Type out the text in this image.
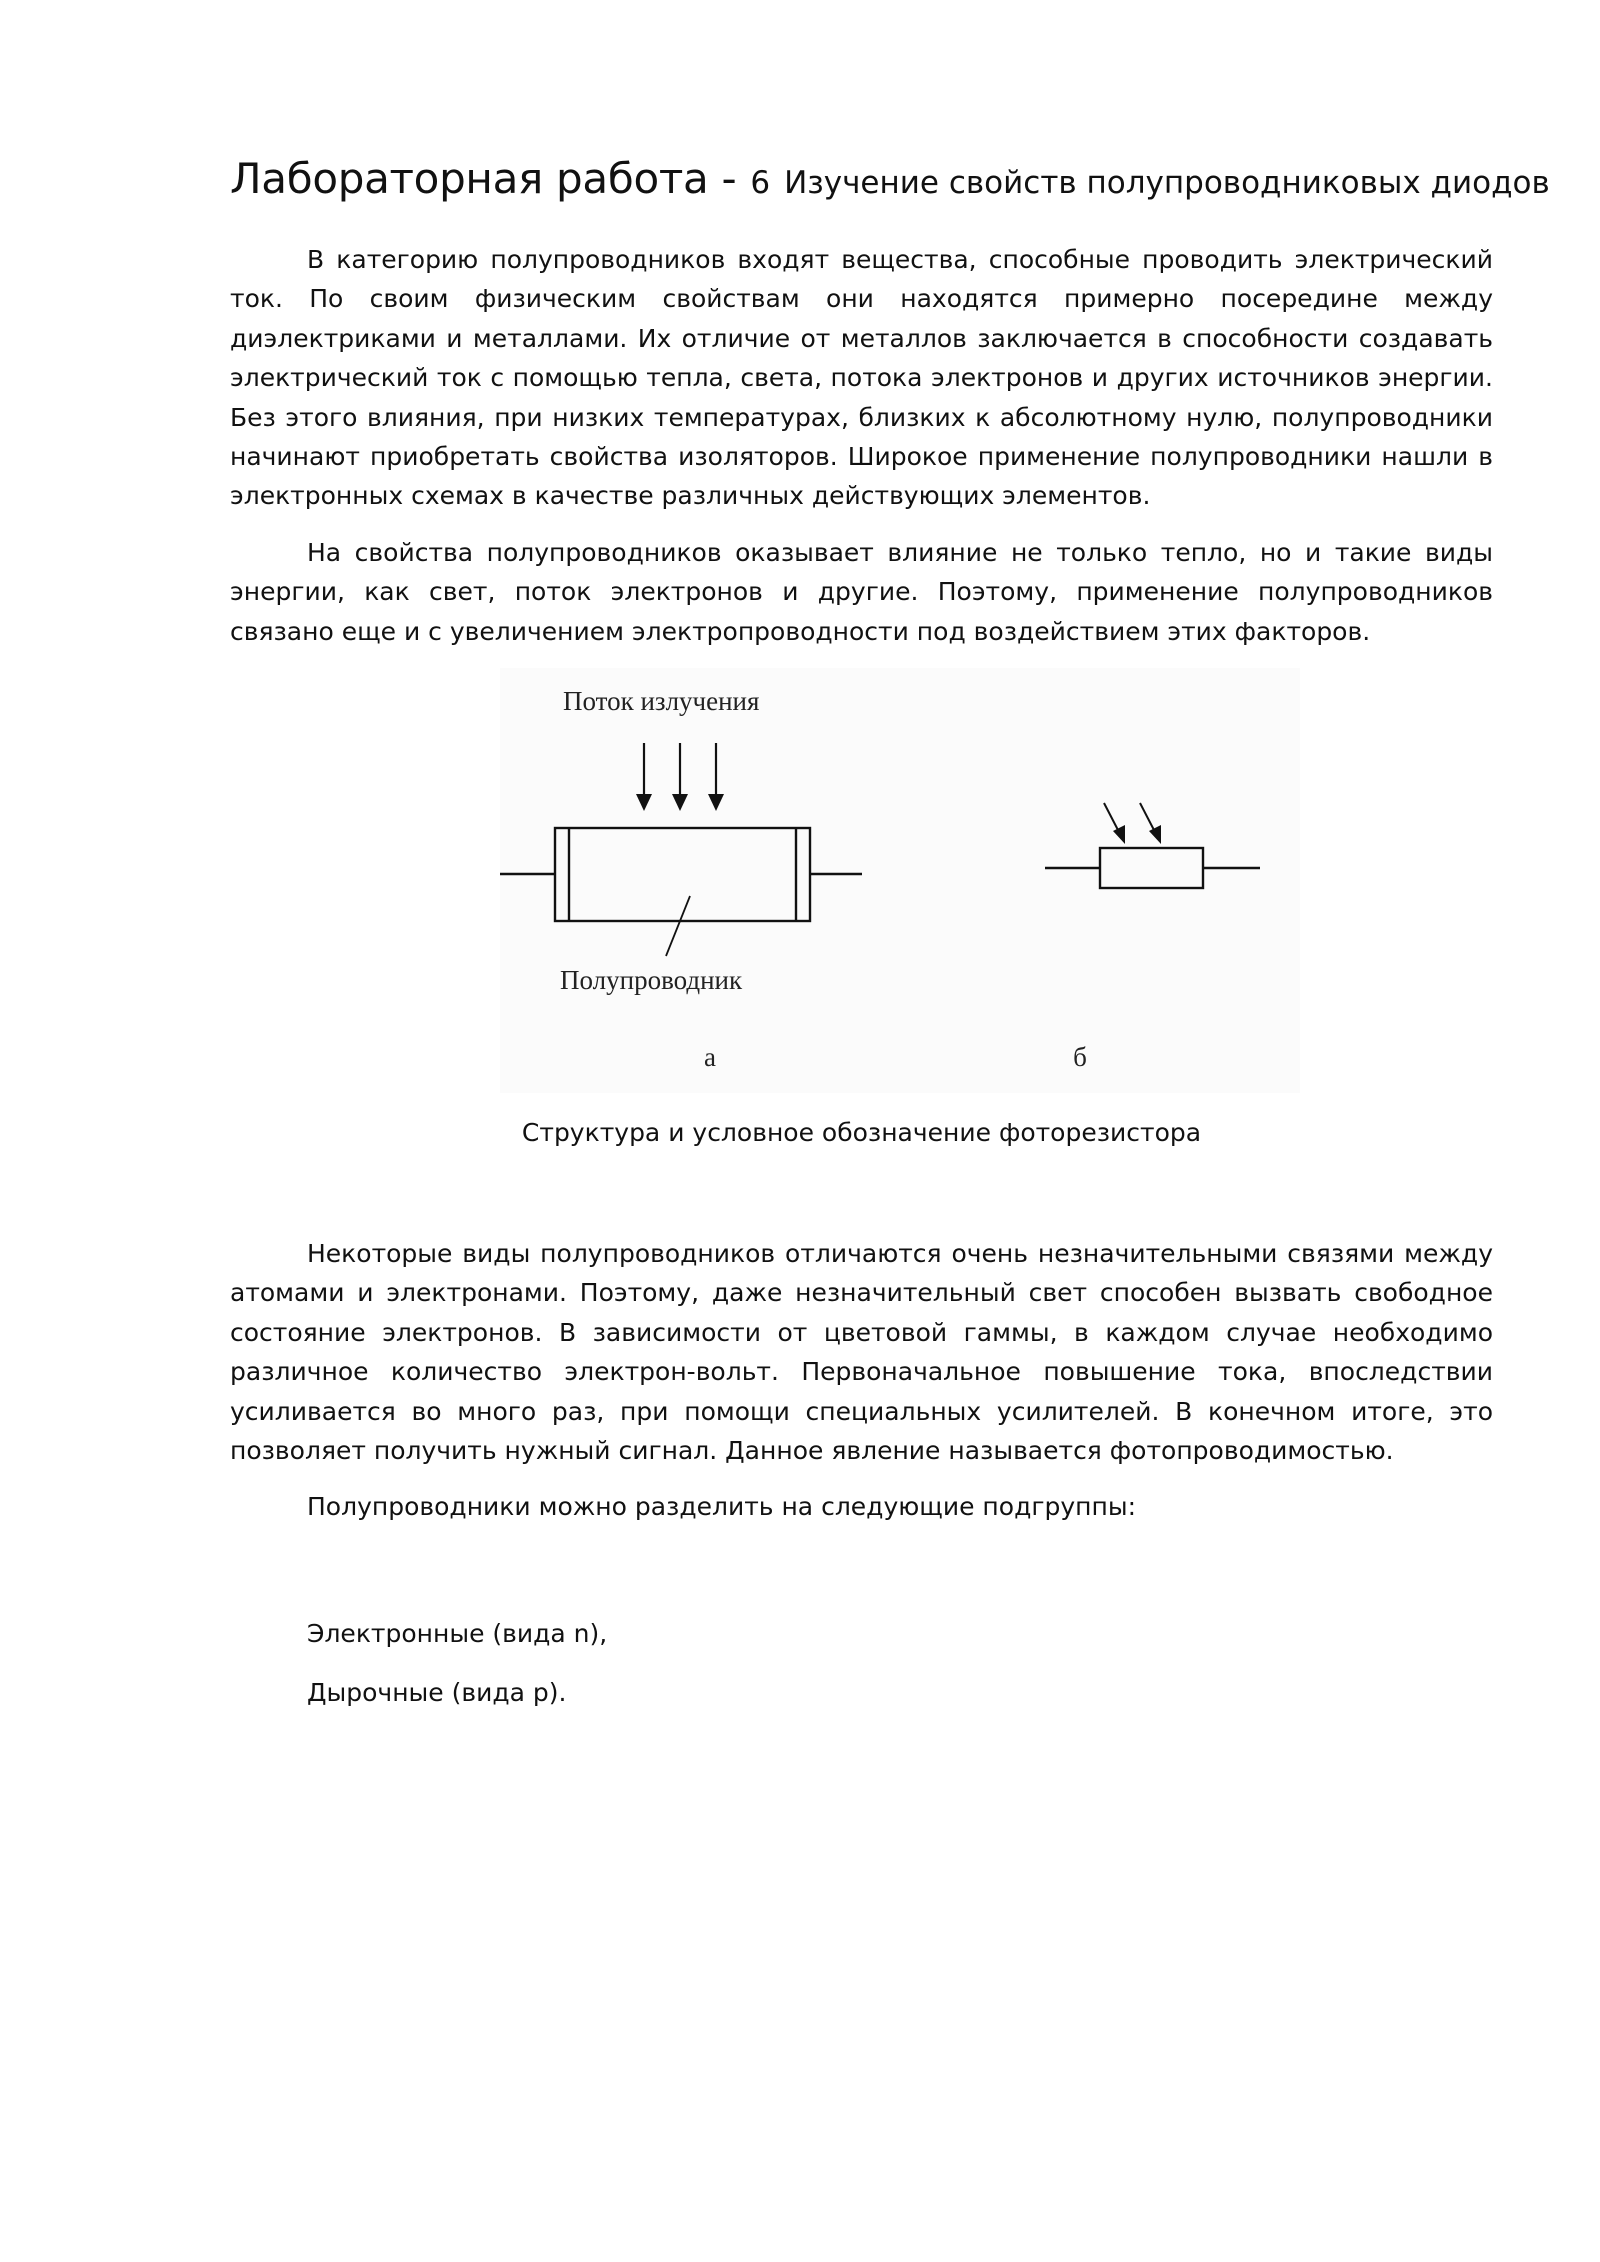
Лабораторная работа - 6 Изучение свойств полупроводниковых диодов

В категорию полупроводников входят вещества, способные проводить электрический ток. По своим физическим свойствам они находятся примерно посередине между диэлектриками и металлами. Их отличие от металлов заключается в способности создавать электрический ток с помощью тепла, света, потока электронов и других источников энергии. Без этого влияния, при низких температурах, близких к абсолютному нулю, полупроводники начинают приобретать свойства изоляторов. Широкое применение полупроводники нашли в электронных схемах в качестве различных действующих элементов.

На свойства полупроводников оказывает влияние не только тепло, но и такие виды энергии, как свет, поток электронов и другие. Поэтому, применение полупроводников связано еще и с увеличением электропроводности под воздействием этих факторов.

Поток излучения
Полупроводник
а	б

Структура и условное обозначение фоторезистора

Некоторые виды полупроводников отличаются очень незначительными связями между атомами и электронами. Поэтому, даже незначительный свет способен вызвать свободное состояние электронов. В зависимости от цветовой гаммы, в каждом случае необходимо различное количество электрон-вольт. Первоначальное повышение тока, впоследствии усиливается во много раз, при помощи специальных усилителей. В конечном итоге, это позволяет получить нужный сигнал. Данное явление называется фотопроводимостью.

Полупроводники можно разделить на следующие подгруппы:

Электронные (вида n),

Дырочные (вида p).
